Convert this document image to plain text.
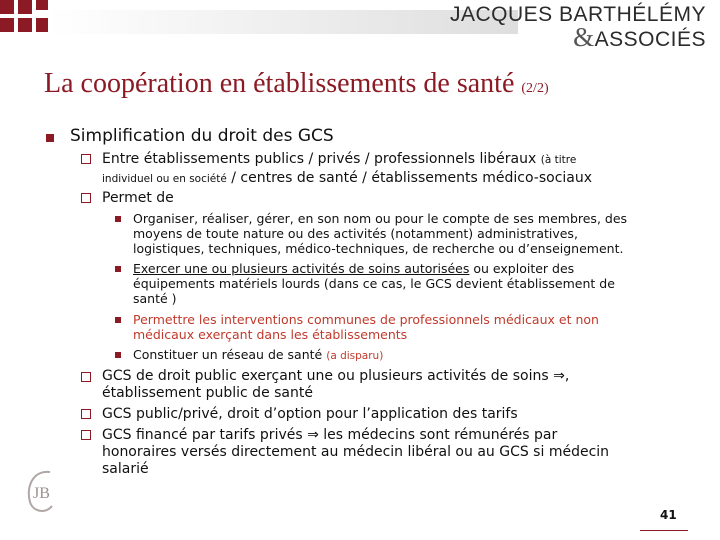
JACQUES BARTHÉLÉMY
&ASSOCIÉS
La coopération en établissements de santé (2/2)
Simplification du droit des GCS
Entre établissements publics / privés / professionnels libéraux (à titre
individuel ou en société / centres de santé / établissements médico-sociaux
Permet de
Organiser, réaliser, gérer, en son nom ou pour le compte de ses membres, des
moyens de toute nature ou des activités (notamment) administratives,
logistiques, techniques, médico-techniques, de recherche ou d’enseignement.
Exercer une ou plusieurs activités de soins autorisées ou exploiter des
équipements matériels lourds (dans ce cas, le GCS devient établissement de
santé )
Permettre les interventions communes de professionnels médicaux et non
médicaux exerçant dans les établissements
Constituer un réseau de santé (a disparu)
GCS de droit public exerçant une ou plusieurs activités de soins ⇒,
établissement public de santé
GCS public/privé, droit d’option pour l’application des tarifs
GCS financé par tarifs privés ⇒ les médecins sont rémunérés par
honoraires versés directement au médecin libéral ou au GCS si médecin
salarié
JB
41
